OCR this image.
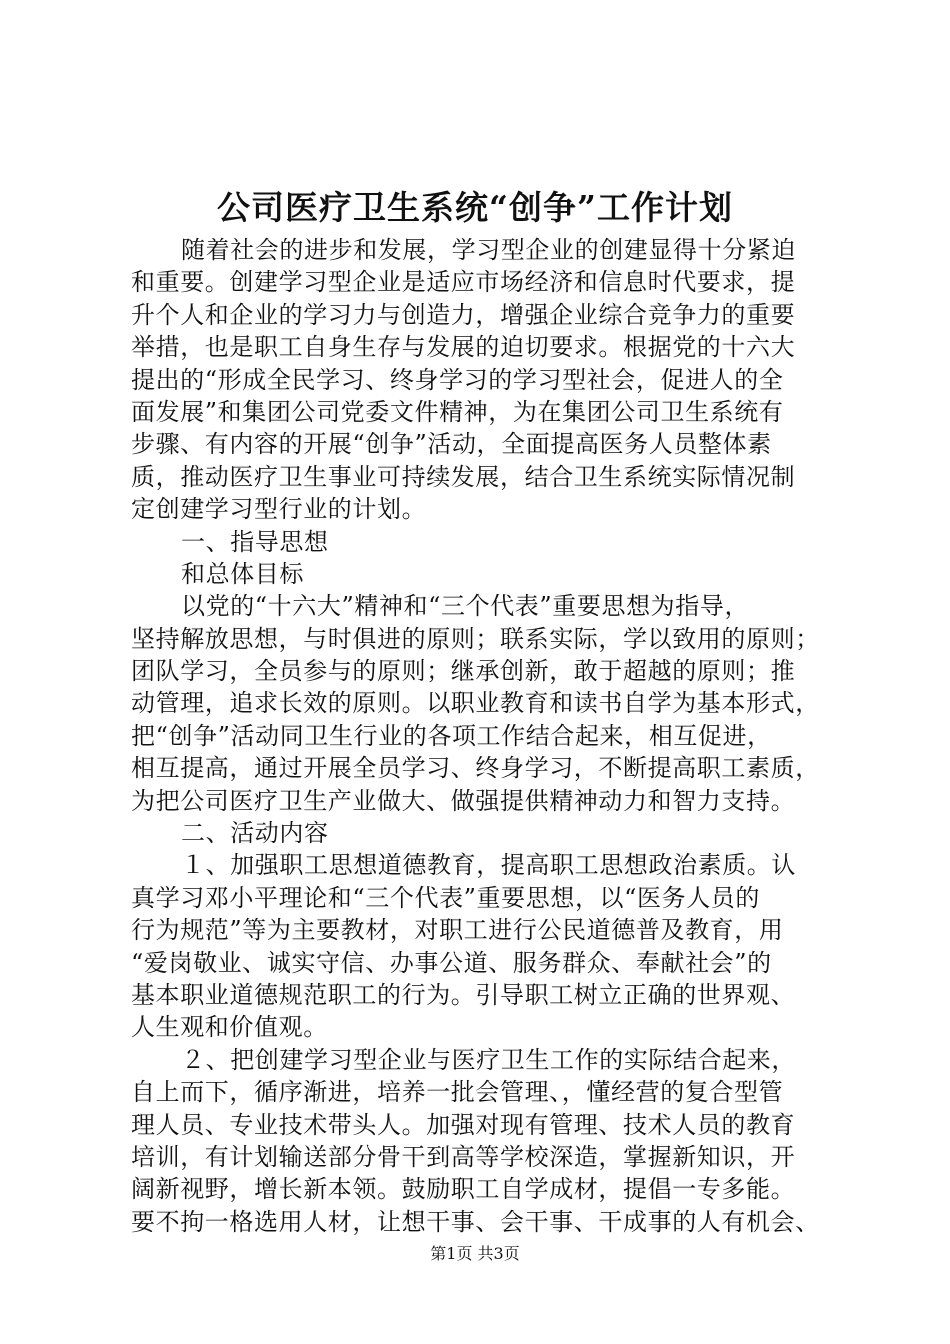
公司医疗卫生系统“创争”工作计划
随着社会的进步和发展，学习型企业的创建显得十分紧迫
和重要。创建学习型企业是适应市场经济和信息时代要求，提
升个人和企业的学习力与创造力，增强企业综合竞争力的重要
举措，也是职工自身生存与发展的迫切要求。根据党的十六大
提出的“形成全民学习、终身学习的学习型社会，促进人的全
面发展”和集团公司党委文件精神，为在集团公司卫生系统有
步骤、有内容的开展“创争”活动，全面提高医务人员整体素
质，推动医疗卫生事业可持续发展，结合卫生系统实际情况制
定创建学习型行业的计划。
一、指导思想
和总体目标
以党的“十六大”精神和“三个代表”重要思想为指导，
坚持解放思想，与时俱进的原则；联系实际，学以致用的原则；
团队学习，全员参与的原则；继承创新，敢于超越的原则；推
动管理，追求长效的原则。以职业教育和读书自学为基本形式，
把“创争”活动同卫生行业的各项工作结合起来，相互促进，
相互提高，通过开展全员学习、终身学习，不断提高职工素质，
为把公司医疗卫生产业做大、做强提供精神动力和智力支持。
二、活动内容
１、加强职工思想道德教育，提高职工思想政治素质。认
真学习邓小平理论和“三个代表”重要思想，以“医务人员的
行为规范”等为主要教材，对职工进行公民道德普及教育，用
“爱岗敬业、诚实守信、办事公道、服务群众、奉献社会”的
基本职业道德规范职工的行为。引导职工树立正确的世界观、
人生观和价值观。
２、把创建学习型企业与医疗卫生工作的实际结合起来，
自上而下，循序渐进，培养一批会管理、，懂经营的复合型管
理人员、专业技术带头人。加强对现有管理、技术人员的教育
培训，有计划输送部分骨干到高等学校深造，掌握新知识，开
阔新视野，增长新本领。鼓励职工自学成材，提倡一专多能。
要不拘一格选用人材，让想干事、会干事、干成事的人有机会、
第1页 共3页
